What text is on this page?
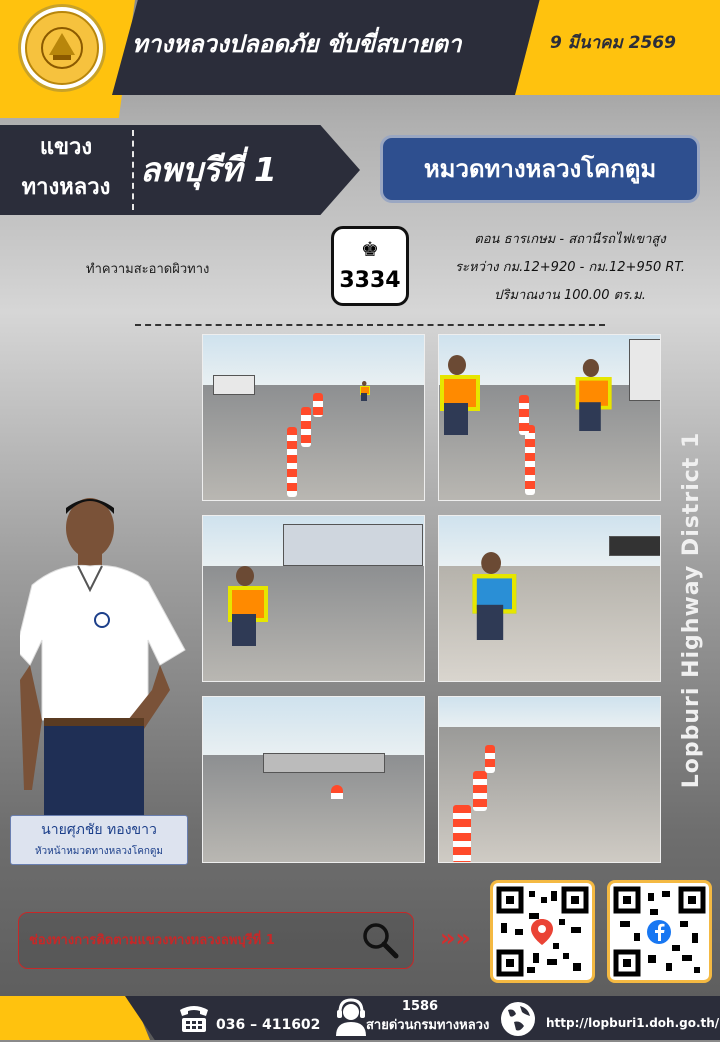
ทางหลวงปลอดภัย ขับขี่สบายตา	9 มีนาคม 2569
แขวง
ทางหลวง ลพบุรีที่ 1	หมวดทางหลวงโคกตูม
ทำความสะอาดผิวทาง
♚
3334
ตอน ธารเกษม - สถานีรถไฟเขาสูง
ระหว่าง กม.12+920 - กม.12+950 RT.
ปริมาณงาน 100.00 ตร.ม.
นายศุภชัย ทองขาว
หัวหน้าหมวดทางหลวงโคกตูม
Lopburi Highway District 1
ช่องทางการติดตามแขวงทางหลวงลพบุรีที่ 1	»»
036 – 411602
1586
สายด่วนกรมทางหลวง	http://lopburi1.doh.go.th/
